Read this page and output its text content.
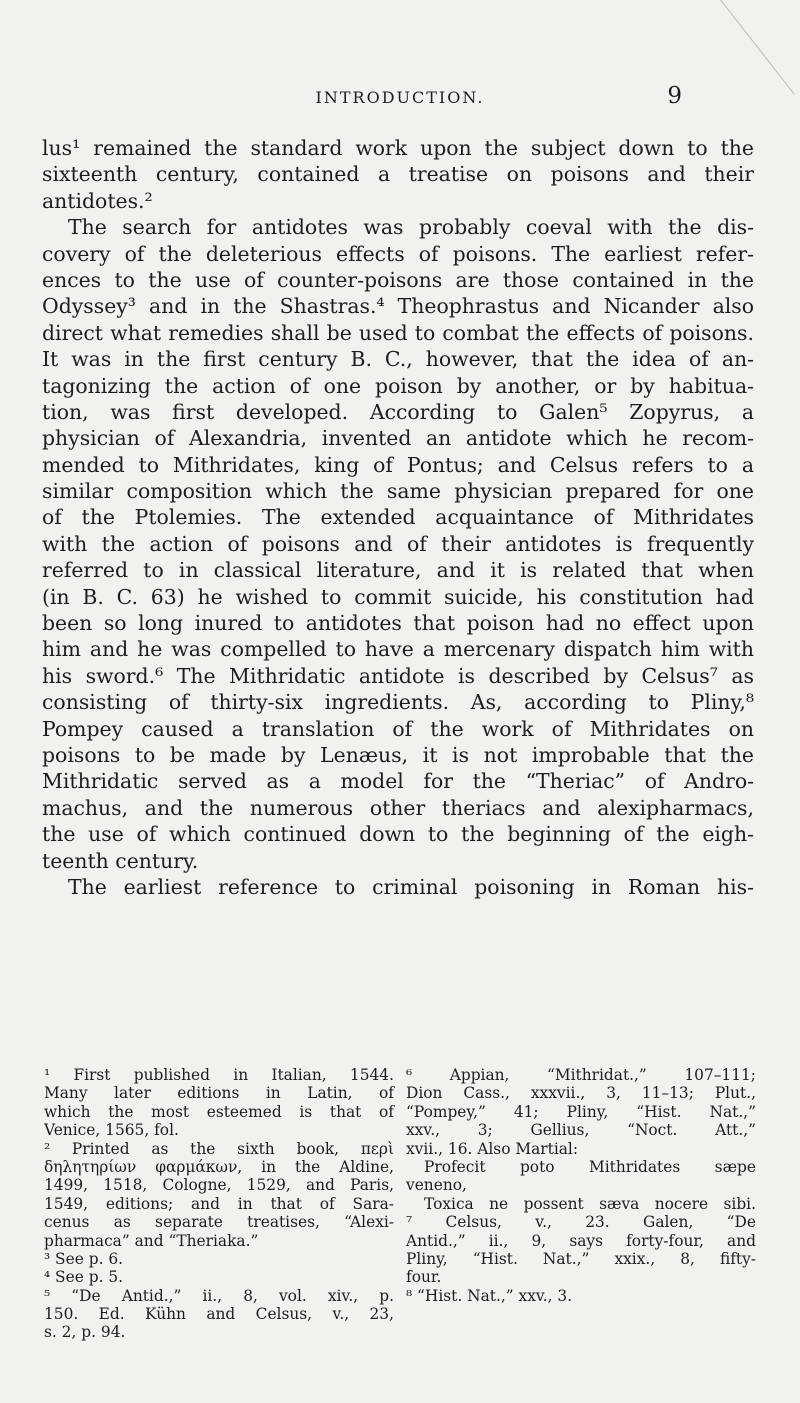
INTRODUCTION.	9
lus¹ remained the standard work upon the subject down to the
sixteenth century, contained a treatise on poisons and their
antidotes.²
The search for antidotes was probably coeval with the dis-
covery of the deleterious effects of poisons. The earliest refer-
ences to the use of counter-poisons are those contained in the
Odyssey³ and in the Shastras.⁴ Theophrastus and Nicander also
direct what remedies shall be used to combat the effects of poisons.
It was in the first century B. C., however, that the idea of an-
tagonizing the action of one poison by another, or by habitua-
tion, was first developed. According to Galen⁵ Zopyrus, a
physician of Alexandria, invented an antidote which he recom-
mended to Mithridates, king of Pontus; and Celsus refers to a
similar composition which the same physician prepared for one
of the Ptolemies. The extended acquaintance of Mithridates
with the action of poisons and of their antidotes is frequently
referred to in classical literature, and it is related that when
(in B. C. 63) he wished to commit suicide, his constitution had
been so long inured to antidotes that poison had no effect upon
him and he was compelled to have a mercenary dispatch him with
his sword.⁶ The Mithridatic antidote is described by Celsus⁷ as
consisting of thirty-six ingredients. As, according to Pliny,⁸
Pompey caused a translation of the work of Mithridates on
poisons to be made by Lenæus, it is not improbable that the
Mithridatic served as a model for the “Theriac” of Andro-
machus, and the numerous other theriacs and alexipharmacs,
the use of which continued down to the beginning of the eigh-
teenth century.
The earliest reference to criminal poisoning in Roman his-
¹ First published in Italian, 1544.
Many later editions in Latin, of
which the most esteemed is that of
Venice, 1565, fol.
² Printed as the sixth book, περὶ
δηλητηρίων φαρμάκων, in the Aldine,
1499, 1518, Cologne, 1529, and Paris,
1549, editions; and in that of Sara-
cenus as separate treatises, “Alexi-
pharmaca” and “Theriaka.”
³ See p. 6.
⁴ See p. 5.
⁵ “De Antid.,” ii., 8, vol. xiv., p.
150. Ed. Kühn and Celsus, v., 23,
s. 2, p. 94.
⁶ Appian, “Mithridat.,” 107–111;
Dion Cass., xxxvii., 3, 11–13; Plut.,
“Pompey,” 41; Pliny, “Hist. Nat.,”
xxv., 3; Gellius, “Noct. Att.,”
xvii., 16. Also Martial:
Profecit poto Mithridates sæpe
veneno,
Toxica ne possent sæva nocere sibi.
⁷ Celsus, v., 23. Galen, “De
Antid.,” ii., 9, says forty-four, and
Pliny, “Hist. Nat.,” xxix., 8, fifty-
four.
⁸ “Hist. Nat.,” xxv., 3.
